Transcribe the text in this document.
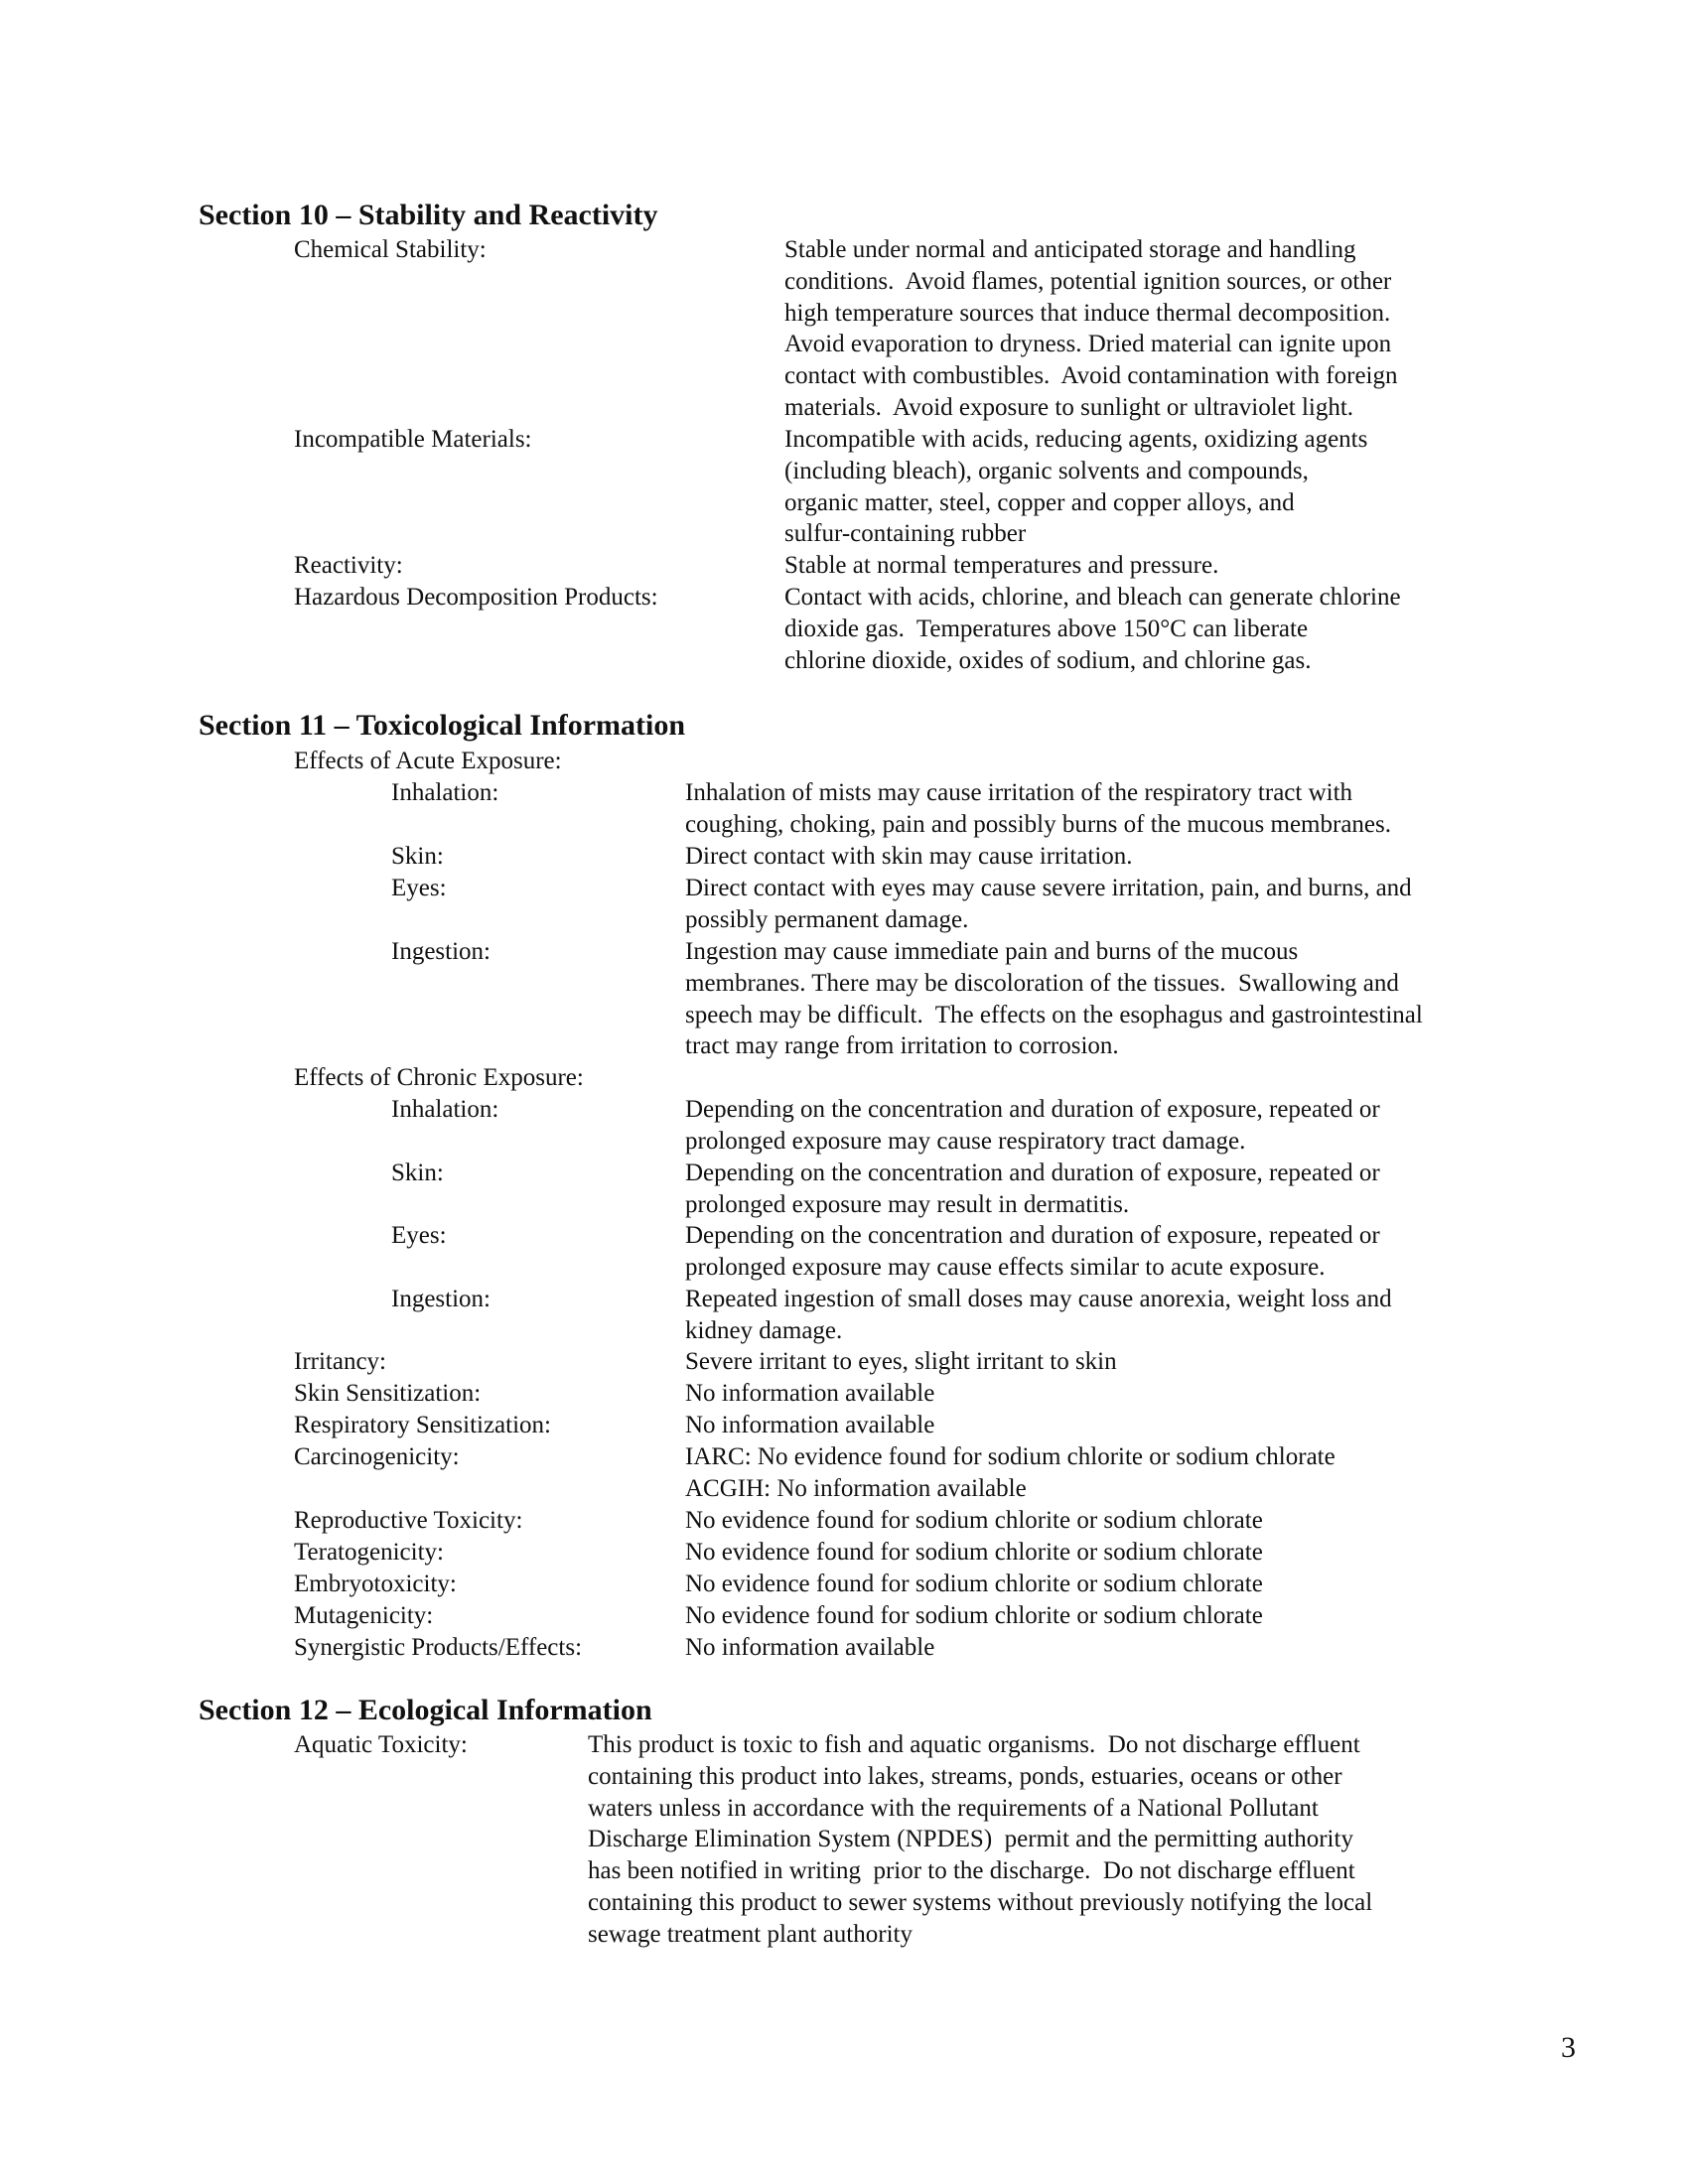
Section 10 – Stability and Reactivity
Chemical Stability:	Stable under normal and anticipated storage and handling
conditions.  Avoid flames, potential ignition sources, or other
high temperature sources that induce thermal decomposition.
Avoid evaporation to dryness. Dried material can ignite upon
contact with combustibles.  Avoid contamination with foreign
materials.  Avoid exposure to sunlight or ultraviolet light.
Incompatible Materials:	Incompatible with acids, reducing agents, oxidizing agents
(including bleach), organic solvents and compounds,
organic matter, steel, copper and copper alloys, and
sulfur-containing rubber
Reactivity:	Stable at normal temperatures and pressure.
Hazardous Decomposition Products:	Contact with acids, chlorine, and bleach can generate chlorine
dioxide gas.  Temperatures above 150°C can liberate
chlorine dioxide, oxides of sodium, and chlorine gas.
Section 11 – Toxicological Information
Effects of Acute Exposure:
Inhalation:	Inhalation of mists may cause irritation of the respiratory tract with
coughing, choking, pain and possibly burns of the mucous membranes.
Skin:	Direct contact with skin may cause irritation.
Eyes:	Direct contact with eyes may cause severe irritation, pain, and burns, and
possibly permanent damage.
Ingestion:	Ingestion may cause immediate pain and burns of the mucous
membranes. There may be discoloration of the tissues.  Swallowing and
speech may be difficult.  The effects on the esophagus and gastrointestinal
tract may range from irritation to corrosion.
Effects of Chronic Exposure:
Inhalation:	Depending on the concentration and duration of exposure, repeated or
prolonged exposure may cause respiratory tract damage.
Skin:	Depending on the concentration and duration of exposure, repeated or
prolonged exposure may result in dermatitis.
Eyes:	Depending on the concentration and duration of exposure, repeated or
prolonged exposure may cause effects similar to acute exposure.
Ingestion:	Repeated ingestion of small doses may cause anorexia, weight loss and
kidney damage.
Irritancy:	Severe irritant to eyes, slight irritant to skin
Skin Sensitization:	No information available
Respiratory Sensitization:	No information available
Carcinogenicity:	IARC: No evidence found for sodium chlorite or sodium chlorate
ACGIH: No information available
Reproductive Toxicity:	No evidence found for sodium chlorite or sodium chlorate
Teratogenicity:	No evidence found for sodium chlorite or sodium chlorate
Embryotoxicity:	No evidence found for sodium chlorite or sodium chlorate
Mutagenicity:	No evidence found for sodium chlorite or sodium chlorate
Synergistic Products/Effects:	No information available
Section 12 – Ecological Information
Aquatic Toxicity:	This product is toxic to fish and aquatic organisms.  Do not discharge effluent
containing this product into lakes, streams, ponds, estuaries, oceans or other
waters unless in accordance with the requirements of a National Pollutant
Discharge Elimination System (NPDES)  permit and the permitting authority
has been notified in writing  prior to the discharge.  Do not discharge effluent
containing this product to sewer systems without previously notifying the local
sewage treatment plant authority
3
